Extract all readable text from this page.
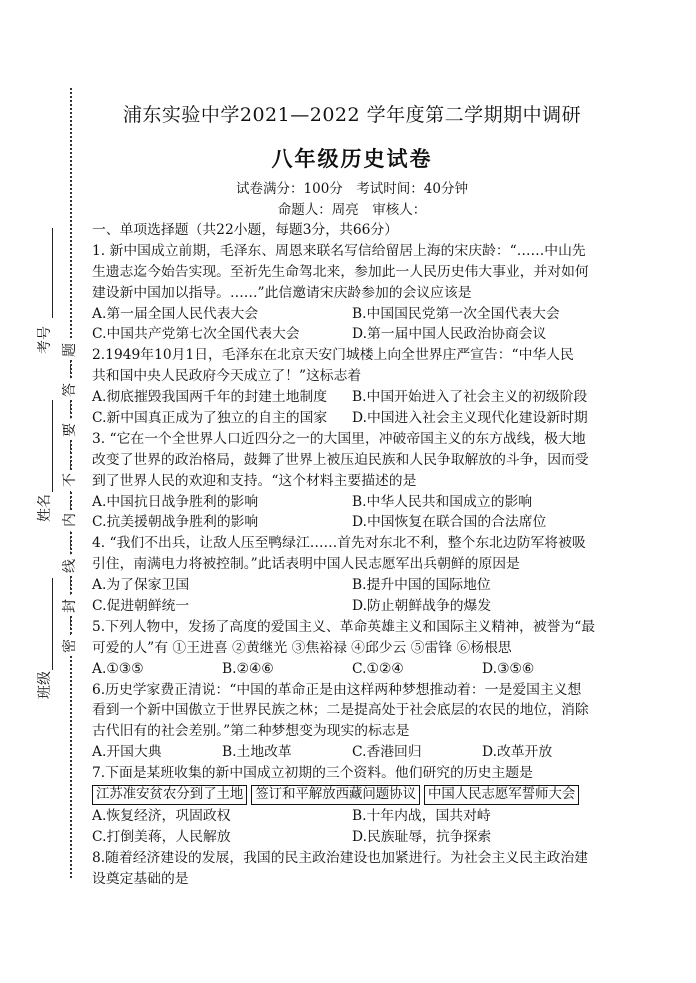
考号
姓名
班级
题
答
要
不
内
线
封
密
浦东实验中学2021—2022 学年度第二学期期中调研
八年级历史试卷
试卷满分：100分　考试时间：40分钟
命题人：周亮　审核人：
一、单项选择题（共22小题，每题3分，共66分）
1. 新中国成立前期，毛泽东、周恩来联名写信给留居上海的宋庆龄：“……中山先
生遗志迄今始告实现。至祈先生命驾北来，参加此一人民历史伟大事业，并对如何
建设新中国加以指导。……”此信邀请宋庆龄参加的会议应该是
A.第一届全国人民代表大会	B.中国国民党第一次全国代表大会
C.中国共产党第七次全国代表大会	D.第一届中国人民政治协商会议
2.1949年10月1日，毛泽东在北京天安门城楼上向全世界庄严宣告：“中华人民
共和国中央人民政府今天成立了！”这标志着
A.彻底摧毁我国两千年的封建土地制度	B.中国开始进入了社会主义的初级阶段
C.新中国真正成为了独立的自主的国家	D.中国进入社会主义现代化建设新时期
3. “它在一个全世界人口近四分之一的大国里，冲破帝国主义的东方战线，极大地
改变了世界的政治格局，鼓舞了世界上被压迫民族和人民争取解放的斗争，因而受
到了世界人民的欢迎和支持。“这个材料主要描述的是
A.中国抗日战争胜利的影响	B.中华人民共和国成立的影响
C.抗美援朝战争胜利的影响	D.中国恢复在联合国的合法席位
4. “我们不出兵，让敌人压至鸭绿江……首先对东北不利，整个东北边防军将被吸
引住，南满电力将被控制。”此话表明中国人民志愿军出兵朝鲜的原因是
A.为了保家卫国	B.提升中国的国际地位
C.促进朝鲜统一	D.防止朝鲜战争的爆发
5.下列人物中，发扬了高度的爱国主义、革命英雄主义和国际主义精神，被誉为“最
可爱的人”有 ①王进喜 ②黄继光 ③焦裕禄 ④邱少云 ⑤雷锋 ⑥杨根思
A.①③⑤	B.②④⑥	C.①②④	D.③⑤⑥
6.历史学家费正清说：“中国的革命正是由这样两种梦想推动着：一是爱国主义想
看到一个新中国傲立于世界民族之林；二是提高处于社会底层的农民的地位，消除
古代旧有的社会差别。”第二种梦想变为现实的标志是
A.开国大典	B.土地改革	C.香港回归	D.改革开放
7.下面是某班收集的新中国成立初期的三个资料。他们研究的历史主题是
江苏准安贫农分到了土地 签订和平解放西藏问题协议 中国人民志愿军誓师大会
A.恢复经济，巩固政权	B.十年内战，国共对峙
C.打倒美蒋，人民解放	D.民族耻辱，抗争探索
8.随着经济建设的发展，我国的民主政治建设也加紧进行。为社会主义民主政治建
设奠定基础的是
